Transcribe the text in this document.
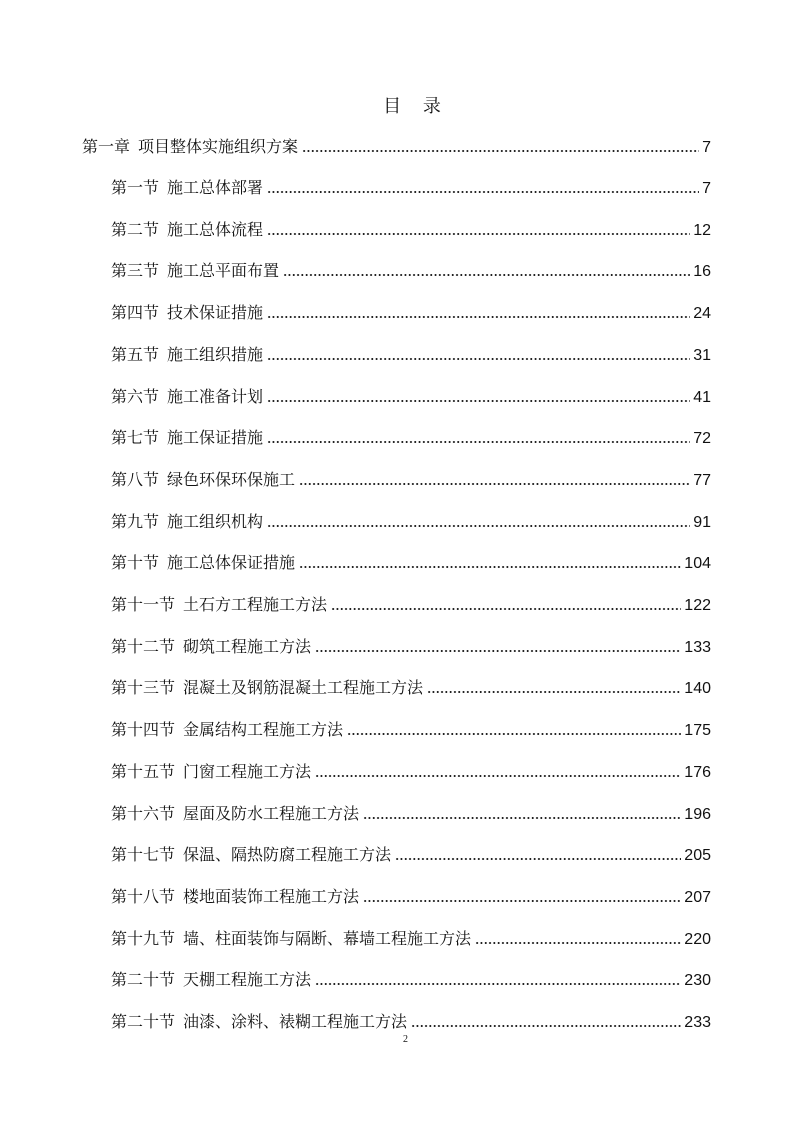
目 录
第一章 项目整体实施组织方案	7
第一节 施工总体部署	7
第二节 施工总体流程	12
第三节 施工总平面布置	16
第四节 技术保证措施	24
第五节 施工组织措施	31
第六节 施工准备计划	41
第七节 施工保证措施	72
第八节 绿色环保环保施工	77
第九节 施工组织机构	91
第十节 施工总体保证措施	104
第十一节 土石方工程施工方法	122
第十二节 砌筑工程施工方法	133
第十三节 混凝土及钢筋混凝土工程施工方法	140
第十四节 金属结构工程施工方法	175
第十五节 门窗工程施工方法	176
第十六节 屋面及防水工程施工方法	196
第十七节 保温、隔热防腐工程施工方法	205
第十八节 楼地面装饰工程施工方法	207
第十九节 墙、柱面装饰与隔断、幕墙工程施工方法	220
第二十节 天棚工程施工方法	230
第二十节 油漆、涂料、裱糊工程施工方法	233
2
